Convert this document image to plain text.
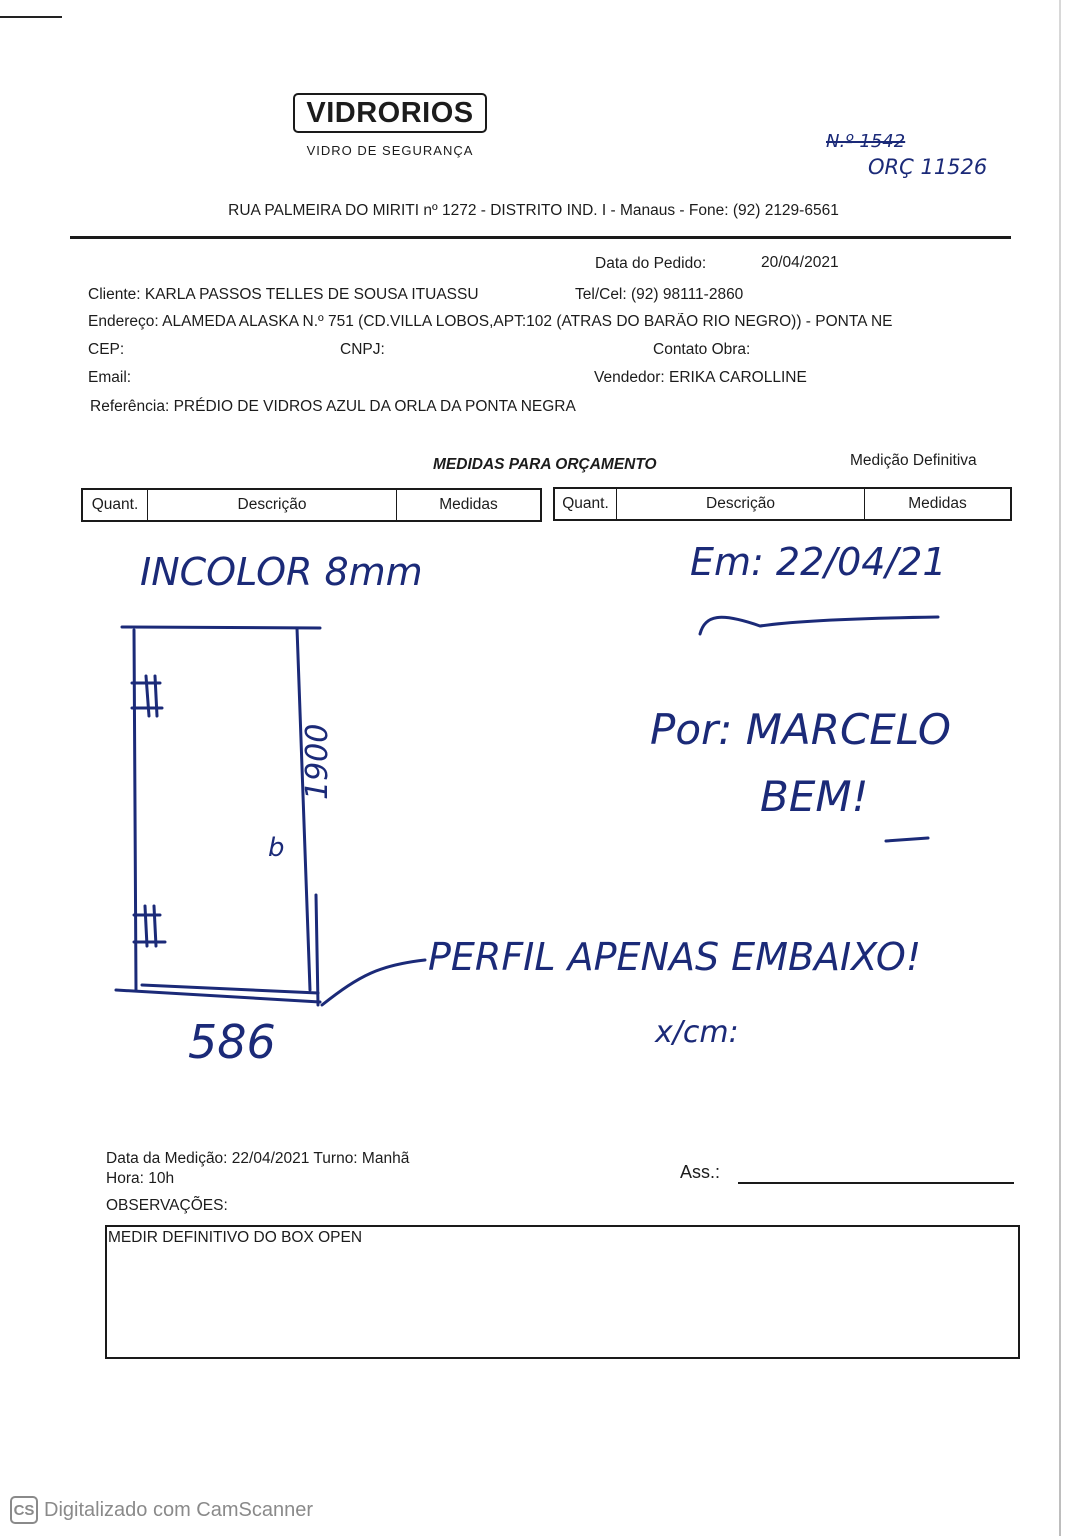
VIDRORIOS
VIDRO DE SEGURANÇA	N.º 1542
ORÇ 11526
RUA PALMEIRA DO MIRITI nº 1272 - DISTRITO IND. I - Manaus - Fone: (92) 2129-6561
Data do Pedido:	20/04/2021
Cliente: KARLA PASSOS TELLES DE SOUSA ITUASSU	Tel/Cel: (92) 98111-2860
Endereço: ALAMEDA ALASKA N.º 751 (CD.VILLA LOBOS,APT:102 (ATRAS DO BARÃO RIO NEGRO)) - PONTA NE
CEP:	CNPJ:	Contato Obra:
Email:	Vendedor: ERIKA CAROLLINE
Referência: PRÉDIO DE VIDROS AZUL DA ORLA DA PONTA NEGRA
MEDIDAS PARA ORÇAMENTO	Medição Definitiva
Quant.	Descrição	Medidas	Quant.	Descrição	Medidas
INCOLOR 8mm	Em: 22/04/21
Por: MARCELO
BEM!
1900
b
586
PERFIL APENAS EMBAIXO!
x/cm:
Data da Medição: 22/04/2021 Turno: Manhã
Hora: 10h	Ass.:
OBSERVAÇÕES:
MEDIR DEFINITIVO DO BOX OPEN
CS Digitalizado com CamScanner
